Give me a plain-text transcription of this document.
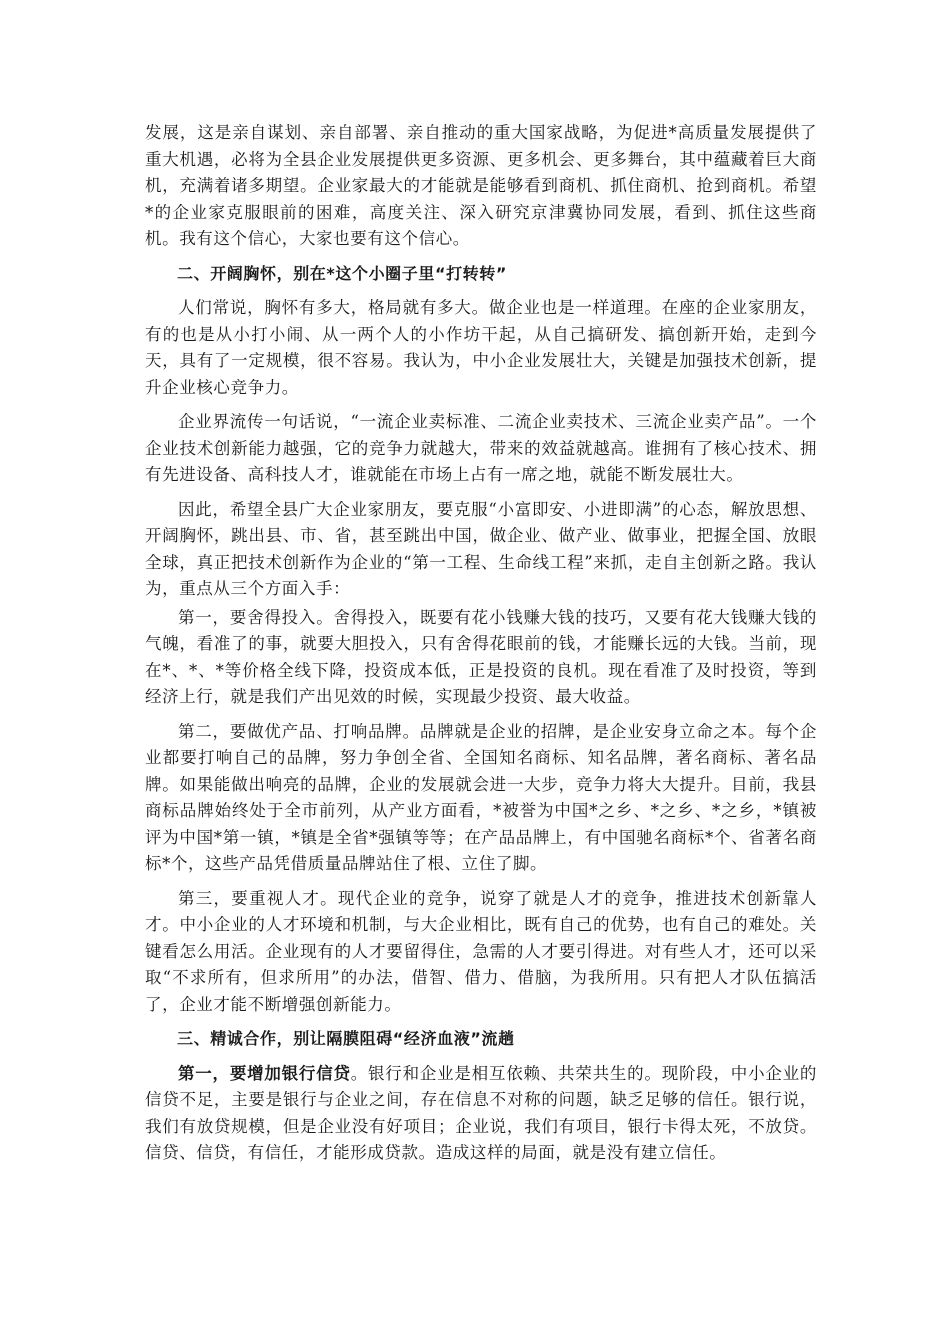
发展，这是亲自谋划、亲自部署、亲自推动的重大国家战略，为促进*高质量发展提供了重大机遇，必将为全县企业发展提供更多资源、更多机会、更多舞台，其中蕴藏着巨大商机，充满着诸多期望。企业家最大的才能就是能够看到商机、抓住商机、抢到商机。希望*的企业家克服眼前的困难，高度关注、深入研究京津冀协同发展，看到、抓住这些商机。我有这个信心，大家也要有这个信心。

二、开阔胸怀，别在*这个小圈子里“打转转”

人们常说，胸怀有多大，格局就有多大。做企业也是一样道理。在座的企业家朋友，有的也是从小打小闹、从一两个人的小作坊干起，从自己搞研发、搞创新开始，走到今天，具有了一定规模，很不容易。我认为，中小企业发展壮大，关键是加强技术创新，提升企业核心竞争力。

企业界流传一句话说，“一流企业卖标准、二流企业卖技术、三流企业卖产品”。一个企业技术创新能力越强，它的竞争力就越大，带来的效益就越高。谁拥有了核心技术、拥有先进设备、高科技人才，谁就能在市场上占有一席之地，就能不断发展壮大。

因此，希望全县广大企业家朋友，要克服“小富即安、小进即满”的心态，解放思想、开阔胸怀，跳出县、市、省，甚至跳出中国，做企业、做产业、做事业，把握全国、放眼全球，真正把技术创新作为企业的“第一工程、生命线工程”来抓，走自主创新之路。我认为，重点从三个方面入手：

第一，要舍得投入。舍得投入，既要有花小钱赚大钱的技巧，又要有花大钱赚大钱的气魄，看准了的事，就要大胆投入，只有舍得花眼前的钱，才能赚长远的大钱。当前，现在*、*、*等价格全线下降，投资成本低，正是投资的良机。现在看准了及时投资，等到经济上行，就是我们产出见效的时候，实现最少投资、最大收益。

第二，要做优产品、打响品牌。品牌就是企业的招牌，是企业安身立命之本。每个企业都要打响自己的品牌，努力争创全省、全国知名商标、知名品牌，著名商标、著名品牌。如果能做出响亮的品牌，企业的发展就会进一大步，竞争力将大大提升。目前，我县商标品牌始终处于全市前列，从产业方面看，*被誉为中国*之乡、*之乡、*之乡，*镇被评为中国*第一镇，*镇是全省*强镇等等；在产品品牌上，有中国驰名商标*个、省著名商标*个，这些产品凭借质量品牌站住了根、立住了脚。

第三，要重视人才。现代企业的竞争，说穿了就是人才的竞争，推进技术创新靠人才。中小企业的人才环境和机制，与大企业相比，既有自己的优势，也有自己的难处。关键看怎么用活。企业现有的人才要留得住，急需的人才要引得进。对有些人才，还可以采取“不求所有，但求所用”的办法，借智、借力、借脑，为我所用。只有把人才队伍搞活了，企业才能不断增强创新能力。

三、精诚合作，别让隔膜阻碍“经济血液”流趟

第一，要增加银行信贷。银行和企业是相互依赖、共荣共生的。现阶段，中小企业的信贷不足，主要是银行与企业之间，存在信息不对称的问题，缺乏足够的信任。银行说，我们有放贷规模，但是企业没有好项目；企业说，我们有项目，银行卡得太死，不放贷。信贷、信贷，有信任，才能形成贷款。造成这样的局面，就是没有建立信任。
